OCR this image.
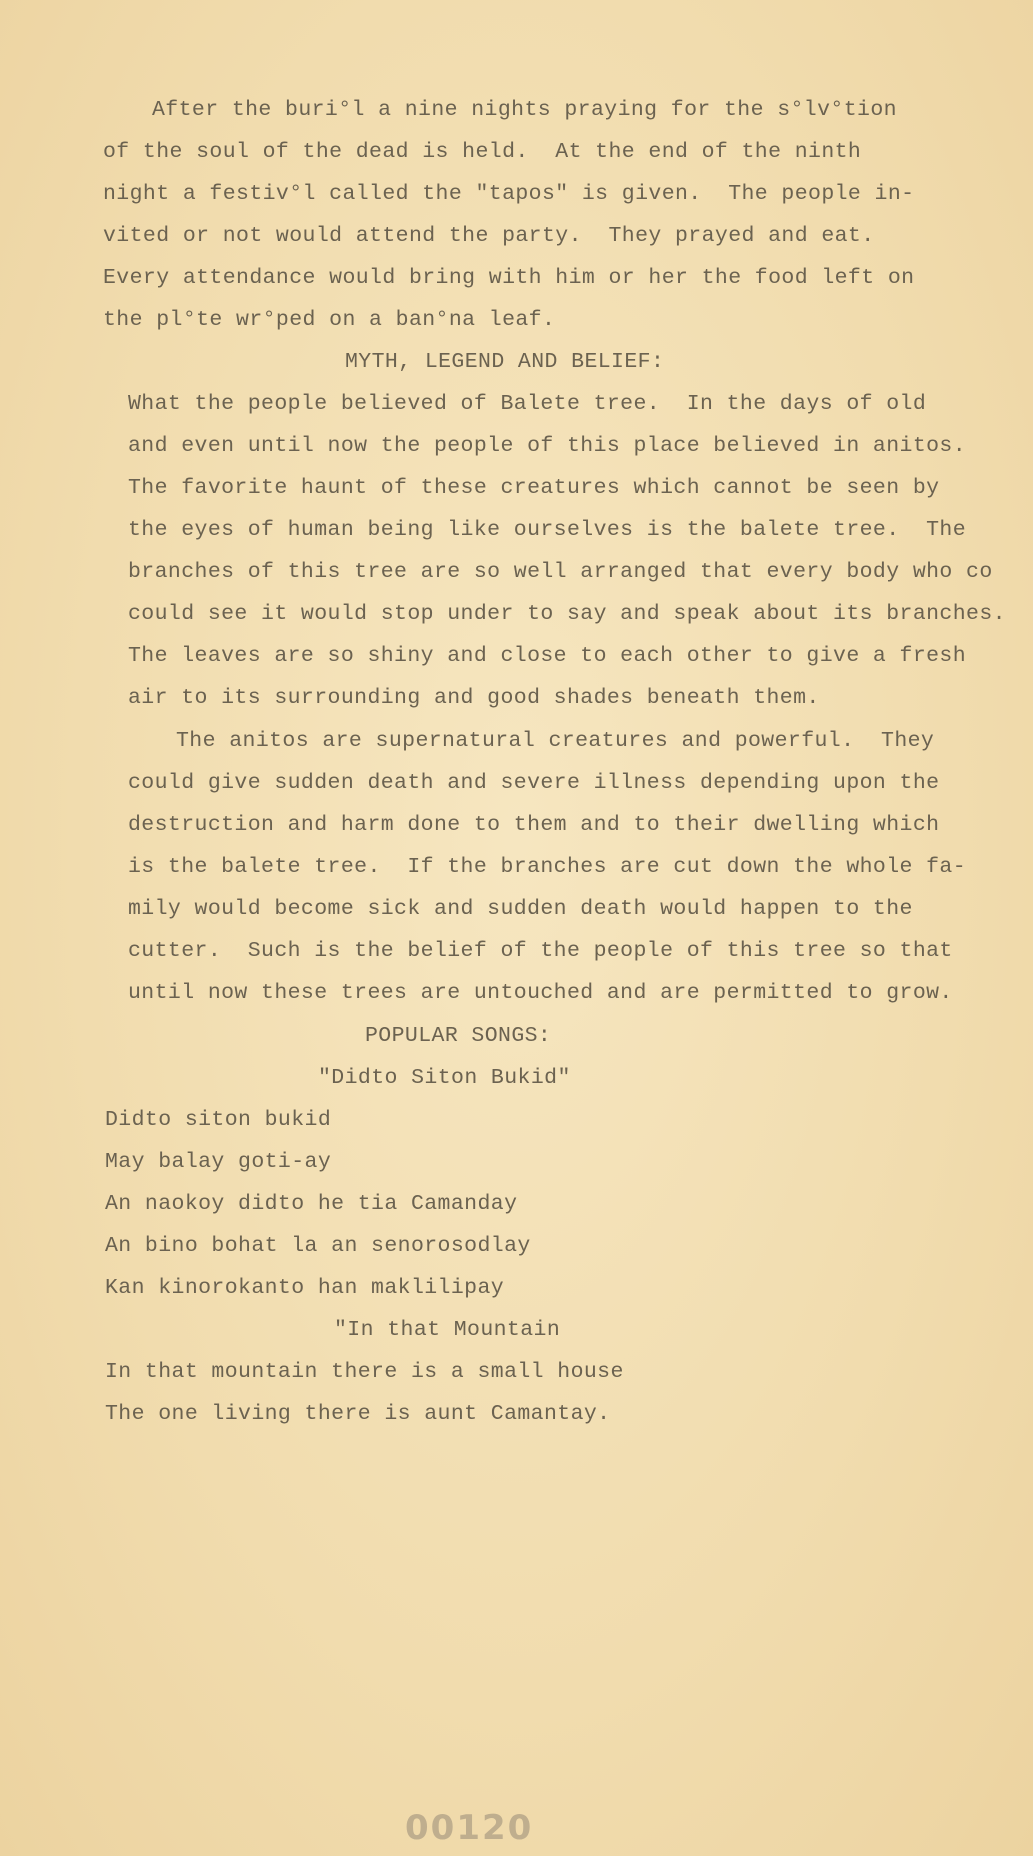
After the buri°l a nine nights praying for the s°lv°tion
of the soul of the dead is held.  At the end of the ninth
night a festiv°l called the "tapos" is given.  The people in-
vited or not would attend the party.  They prayed and eat.
Every attendance would bring with him or her the food left on
the pl°te wr°ped on a ban°na leaf.
MYTH, LEGEND AND BELIEF:
What the people believed of Balete tree.  In the days of old
and even until now the people of this place believed in anitos.
The favorite haunt of these creatures which cannot be seen by
the eyes of human being like ourselves is the balete tree.  The
branches of this tree are so well arranged that every body who co
could see it would stop under to say and speak about its branches.
The leaves are so shiny and close to each other to give a fresh
air to its surrounding and good shades beneath them.
The anitos are supernatural creatures and powerful.  They
could give sudden death and severe illness depending upon the
destruction and harm done to them and to their dwelling which
is the balete tree.  If the branches are cut down the whole fa-
mily would become sick and sudden death would happen to the
cutter.  Such is the belief of the people of this tree so that
until now these trees are untouched and are permitted to grow.
POPULAR SONGS:
"Didto Siton Bukid"
Didto siton bukid
May balay goti-ay
An naokoy didto he tia Camanday
An bino bohat la an senorosodlay
Kan kinorokanto han maklilipay
"In that Mountain
In that mountain there is a small house
The one living there is aunt Camantay.
00120
